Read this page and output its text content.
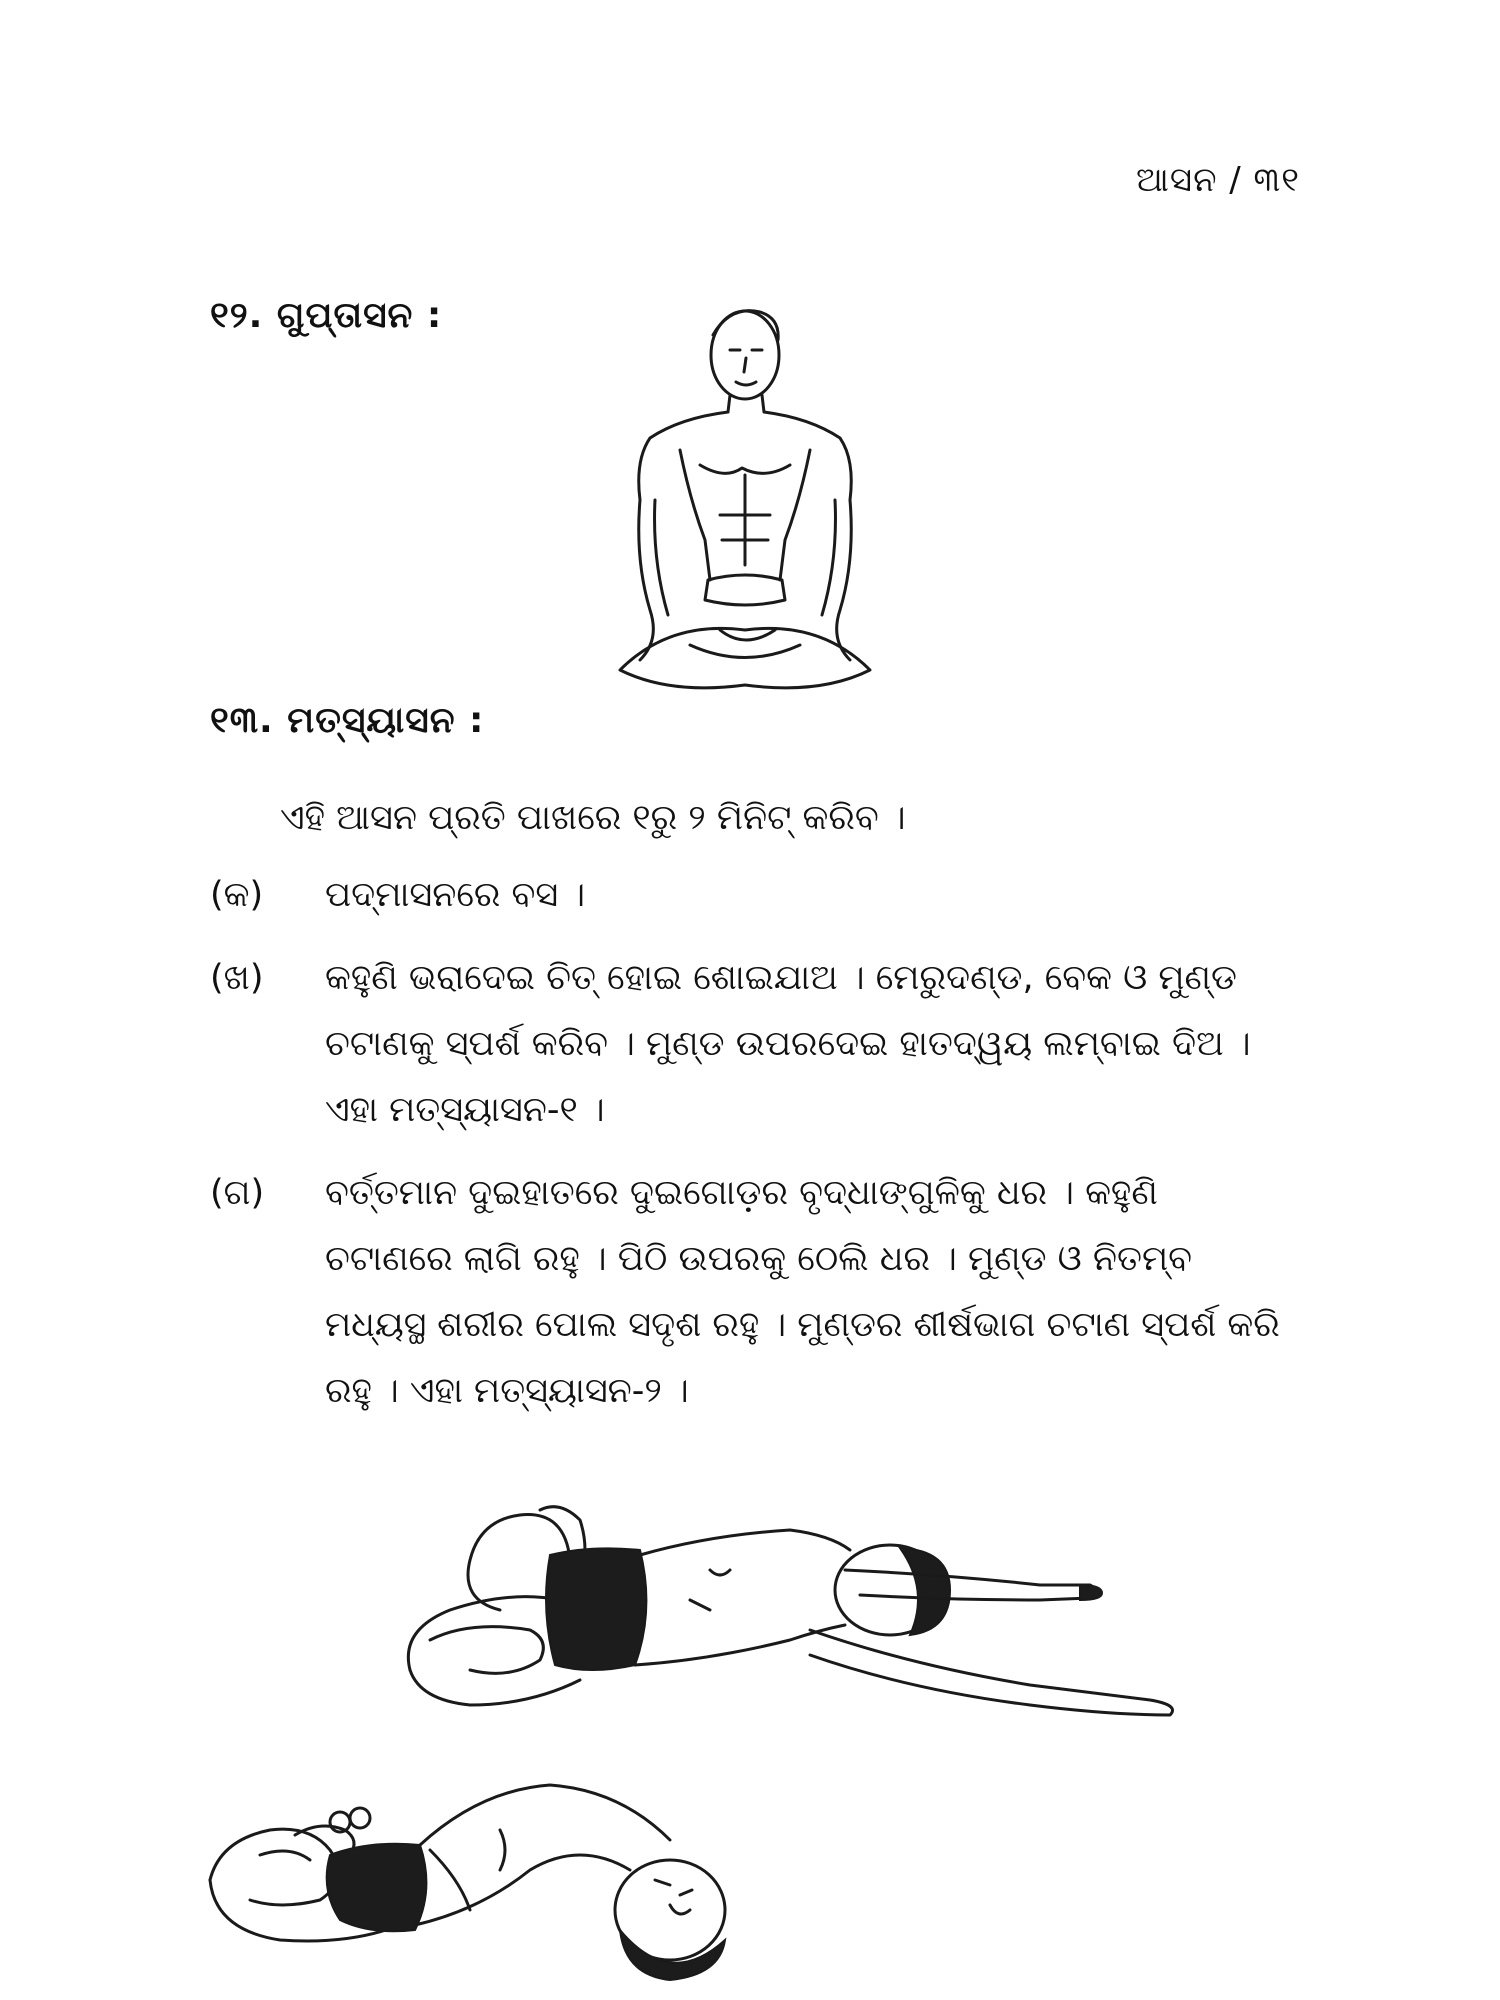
ଆସନ / ୩୧
୧୨. ଗୁପ୍ତାସନ :
୧୩. ମତ୍ସ୍ୟାସନ :
ଏହି ଆସନ ପ୍ରତି ପାଖରେ ୧ରୁ ୨ ମିନିଟ୍ କରିବ ।
(କ)	ପଦ୍ମାସନରେ ବସ ।
(ଖ)	କହୁଣି ଭରାଦେଇ ଚିତ୍ ହୋଇ ଶୋଇଯାଅ । ମେରୁଦଣ୍ଡ, ବେକ ଓ ମୁଣ୍ଡ ଚଟାଣକୁ ସ୍ପର୍ଶ କରିବ । ମୁଣ୍ଡ ଉପରଦେଇ ହାତଦ୍ୱୟ ଲମ୍ବାଇ ଦିଅ । ଏହା ମତ୍ସ୍ୟାସନ-୧ ।
(ଗ)	ବର୍ତ୍ତମାନ ଦୁଇହାତରେ ଦୁଇଗୋଡ଼ର ବୃଦ୍ଧାଙ୍ଗୁଳିକୁ ଧର । କହୁଣି ଚଟାଣରେ ଲାଗି ରହୁ । ପିଠି ଉପରକୁ ଠେଲି ଧର । ମୁଣ୍ଡ ଓ ନିତମ୍ବ ମଧ୍ୟସ୍ଥ ଶରୀର ପୋଲ ସଦୃଶ ରହୁ । ମୁଣ୍ଡର ଶୀର୍ଷଭାଗ ଚଟାଣ ସ୍ପର୍ଶ କରି ରହୁ । ଏହା ମତ୍ସ୍ୟାସନ-୨ ।
